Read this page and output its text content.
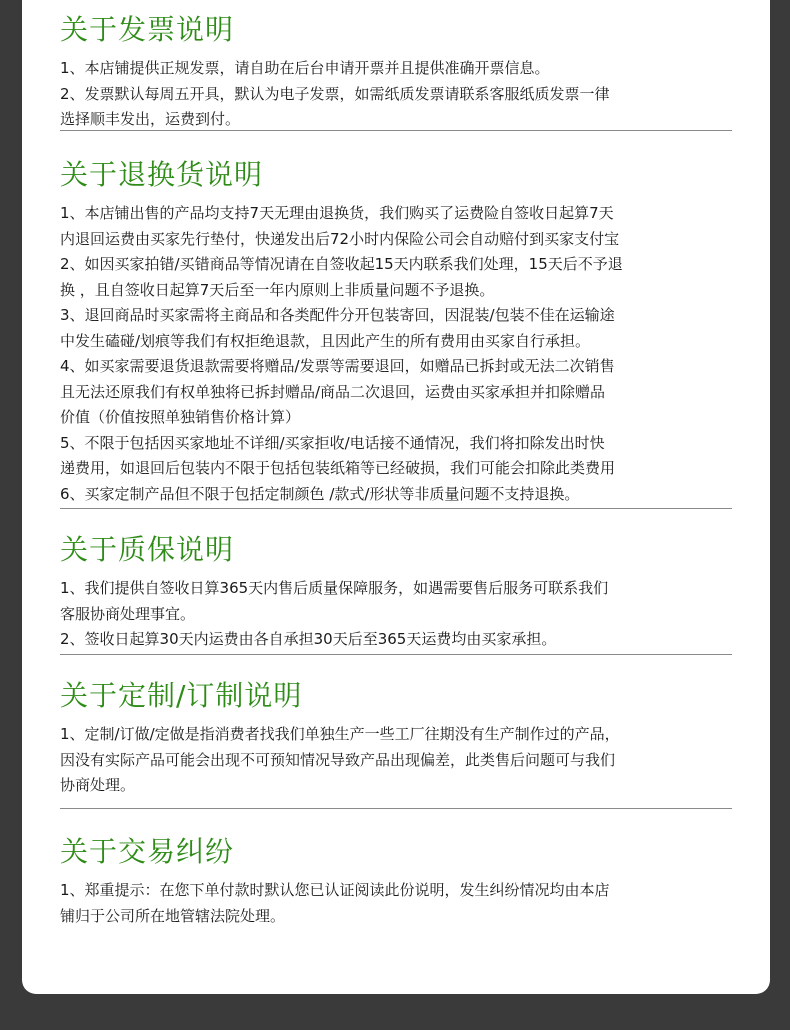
关于发票说明

1、本店铺提供正规发票，请自助在后台申请开票并且提供准确开票信息。

2、发票默认每周五开具，默认为电子发票，如需纸质发票请联系客服纸质发票一律

选择顺丰发出，运费到付。

关于退换货说明

1、本店铺出售的产品均支持7天无理由退换货，我们购买了运费险自签收日起算7天

内退回运费由买家先行垫付，快递发出后72小时内保险公司会自动赔付到买家支付宝

2、如因买家拍错/买错商品等情况请在自签收起15天内联系我们处理，15天后不予退

换 ，且自签收日起算7天后至一年内原则上非质量问题不予退换。

3、退回商品时买家需将主商品和各类配件分开包装寄回，因混装/包装不佳在运输途

中发生磕碰/划痕等我们有权拒绝退款，且因此产生的所有费用由买家自行承担。

4、如买家需要退货退款需要将赠品/发票等需要退回，如赠品已拆封或无法二次销售

且无法还原我们有权单独将已拆封赠品/商品二次退回，运费由买家承担并扣除赠品

价值（价值按照单独销售价格计算）

5、不限于包括因买家地址不详细/买家拒收/电话接不通情况，我们将扣除发出时快

递费用，如退回后包装内不限于包括包装纸箱等已经破损，我们可能会扣除此类费用

6、买家定制产品但不限于包括定制颜色 /款式/形状等非质量问题不支持退换。

关于质保说明

1、我们提供自签收日算365天内售后质量保障服务，如遇需要售后服务可联系我们

客服协商处理事宜。

2、签收日起算30天内运费由各自承担30天后至365天运费均由买家承担。

关于定制/订制说明

1、定制/订做/定做是指消费者找我们单独生产一些工厂往期没有生产制作过的产品，

因没有实际产品可能会出现不可预知情况导致产品出现偏差，此类售后问题可与我们

协商处理。

关于交易纠纷

1、郑重提示：在您下单付款时默认您已认证阅读此份说明，发生纠纷情况均由本店

铺归于公司所在地管辖法院处理。
